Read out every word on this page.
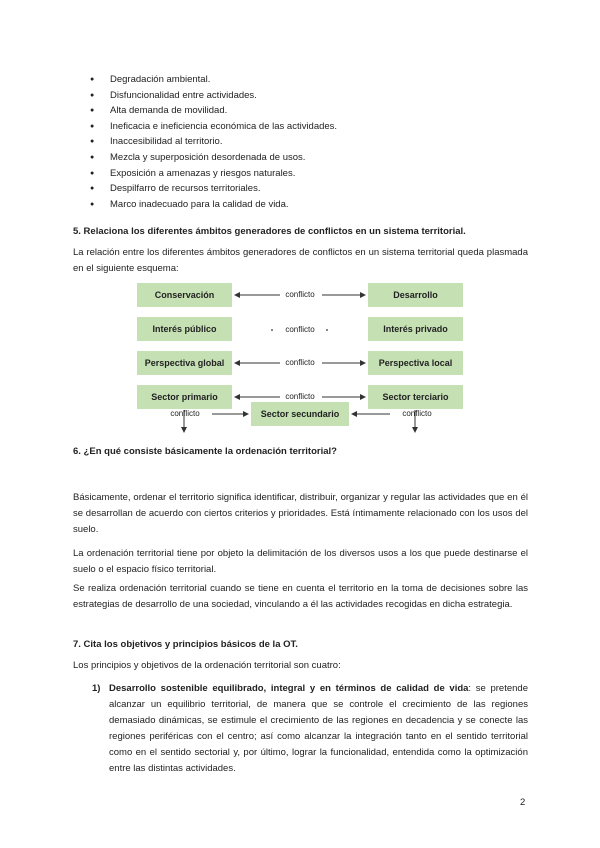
● Degradación ambiental.
● Disfuncionalidad entre actividades.
● Alta demanda de movilidad.
● Ineficacia e ineficiencia económica de las actividades.
● Inaccesibilidad al territorio.
● Mezcla y superposición desordenada de usos.
● Exposición a amenazas y riesgos naturales.
● Despilfarro de recursos territoriales.
● Marco inadecuado para la calidad de vida.
5. Relaciona los diferentes ámbitos generadores de conflictos en un sistema territorial.

La relación entre los diferentes ámbitos generadores de conflictos en un sistema territorial queda plasmada en el siguiente esquema:

Conservación
Interés público
Perspectiva global
Sector primario
Desarrollo
Interés privado
Perspectiva local
Sector terciario
conflicto
conflicto
conflicto
conflicto
conflicto	conflicto
Sector secundario
6. ¿En qué consiste básicamente la ordenación territorial?

Básicamente, ordenar el territorio significa identificar, distribuir, organizar y regular las actividades que en él se desarrollan de acuerdo con ciertos criterios y prioridades. Está íntimamente relacionado con los usos del suelo.

La ordenación territorial tiene por objeto la delimitación de los diversos usos a los que puede destinarse el suelo o el espacio físico territorial.

Se realiza ordenación territorial cuando se tiene en cuenta el territorio en la toma de decisiones sobre las estrategias de desarrollo de una sociedad, vinculando a él las actividades recogidas en dicha estrategia.

7. Cita los objetivos y principios básicos de la OT.

Los principios y objetivos de la ordenación territorial son cuatro:

1) Desarrollo sostenible equilibrado, integral y en términos de calidad de vida: se pretende alcanzar un equilibrio territorial, de manera que se controle el crecimiento de las regiones demasiado dinámicas, se estimule el crecimiento de las regiones en decadencia y se conecte las regiones periféricas con el centro; así como alcanzar la integración tanto en el sentido territorial como en el sentido sectorial y, por último, lograr la funcionalidad, entendida como la optimización entre las distintas actividades.
2
